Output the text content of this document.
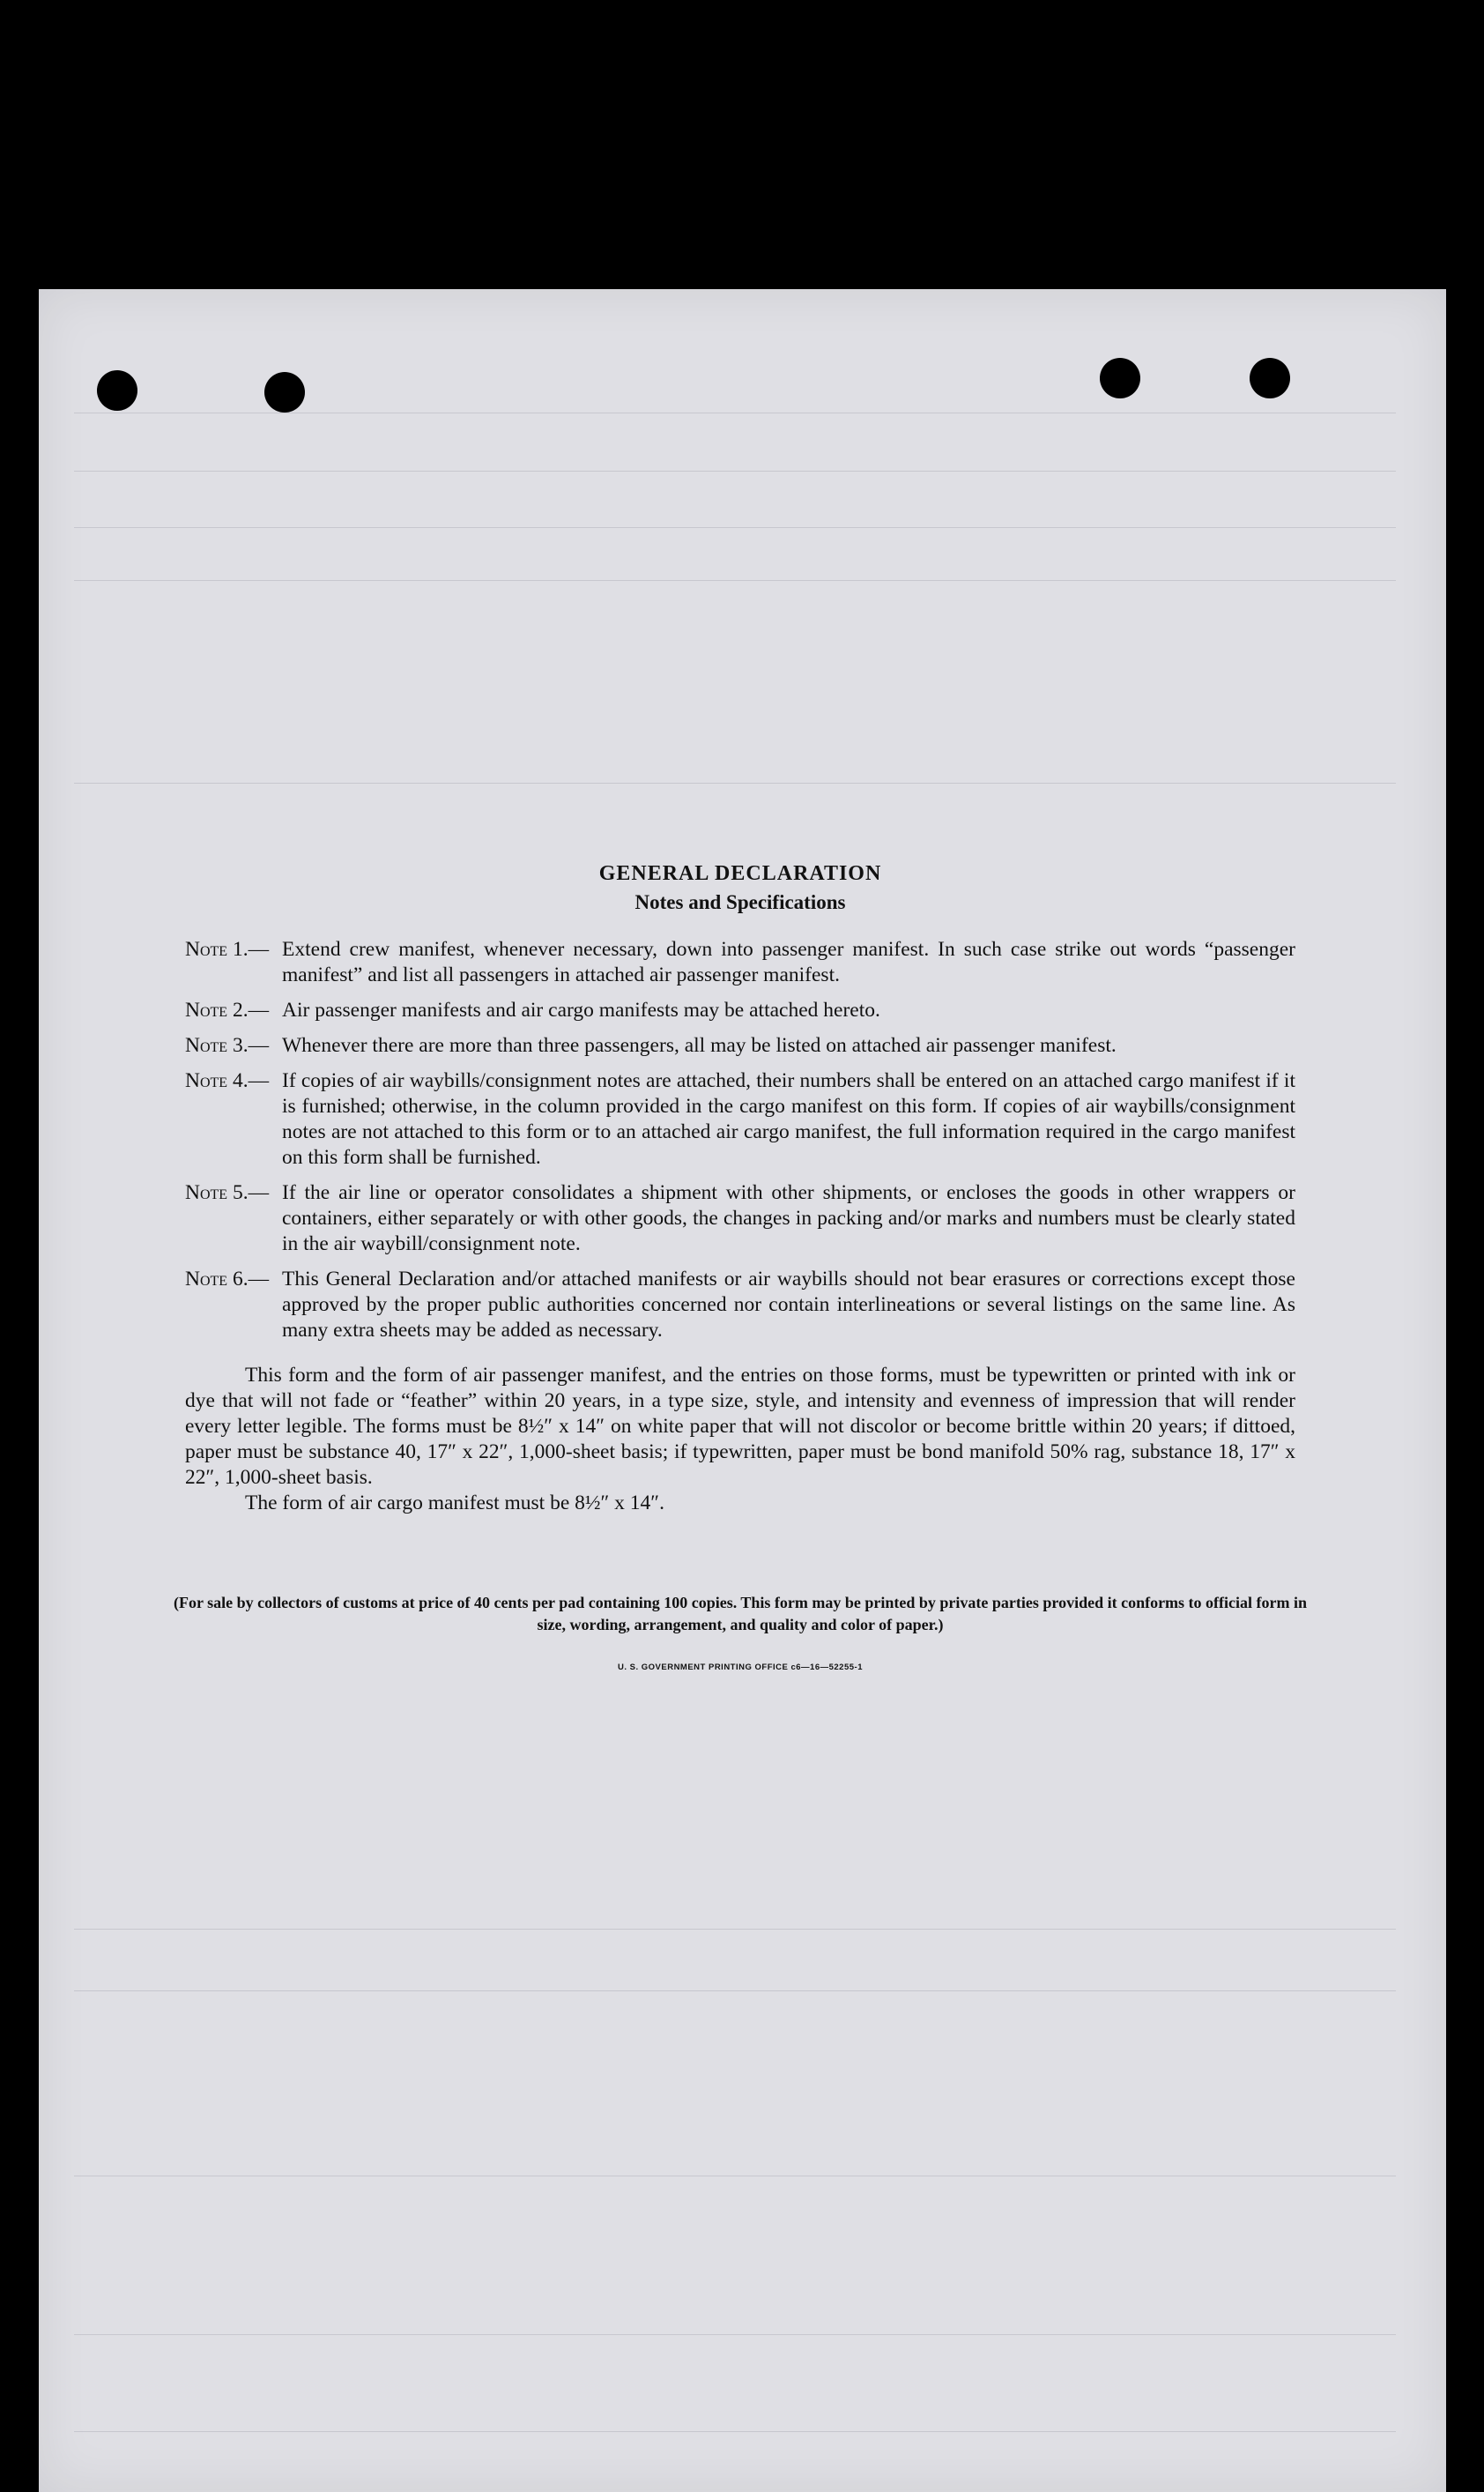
GENERAL DECLARATION
Notes and Specifications
Note 1.— Extend crew manifest, whenever necessary, down into passenger manifest. In such case strike out words “passenger manifest” and list all passengers in attached air passenger manifest.
Note 2.— Air passenger manifests and air cargo manifests may be attached hereto.
Note 3.— Whenever there are more than three passengers, all may be listed on attached air passenger manifest.
Note 4.— If copies of air waybills/consignment notes are attached, their numbers shall be entered on an attached cargo manifest if it is furnished; otherwise, in the column provided in the cargo manifest on this form. If copies of air waybills/consignment notes are not attached to this form or to an attached air cargo manifest, the full information required in the cargo manifest on this form shall be furnished.
Note 5.— If the air line or operator consolidates a shipment with other shipments, or encloses the goods in other wrappers or containers, either separately or with other goods, the changes in packing and/or marks and numbers must be clearly stated in the air waybill/consignment note.
Note 6.— This General Declaration and/or attached manifests or air waybills should not bear erasures or corrections except those approved by the proper public authorities concerned nor contain interlineations or several listings on the same line. As many extra sheets may be added as necessary.

This form and the form of air passenger manifest, and the entries on those forms, must be typewritten or printed with ink or dye that will not fade or “feather” within 20 years, in a type size, style, and intensity and evenness of impression that will render every letter legible. The forms must be 8½″ x 14″ on white paper that will not discolor or become brittle within 20 years; if dittoed, paper must be substance 40, 17″ x 22″, 1,000-sheet basis; if typewritten, paper must be bond manifold 50% rag, substance 18, 17″ x 22″, 1,000-sheet basis.

The form of air cargo manifest must be 8½″ x 14″.

(For sale by collectors of customs at price of 40 cents per pad containing 100 copies. This form may be printed by private parties provided it conforms to official form in size, wording, arrangement, and quality and color of paper.)

U. S. GOVERNMENT PRINTING OFFICE c6—16—52255-1
